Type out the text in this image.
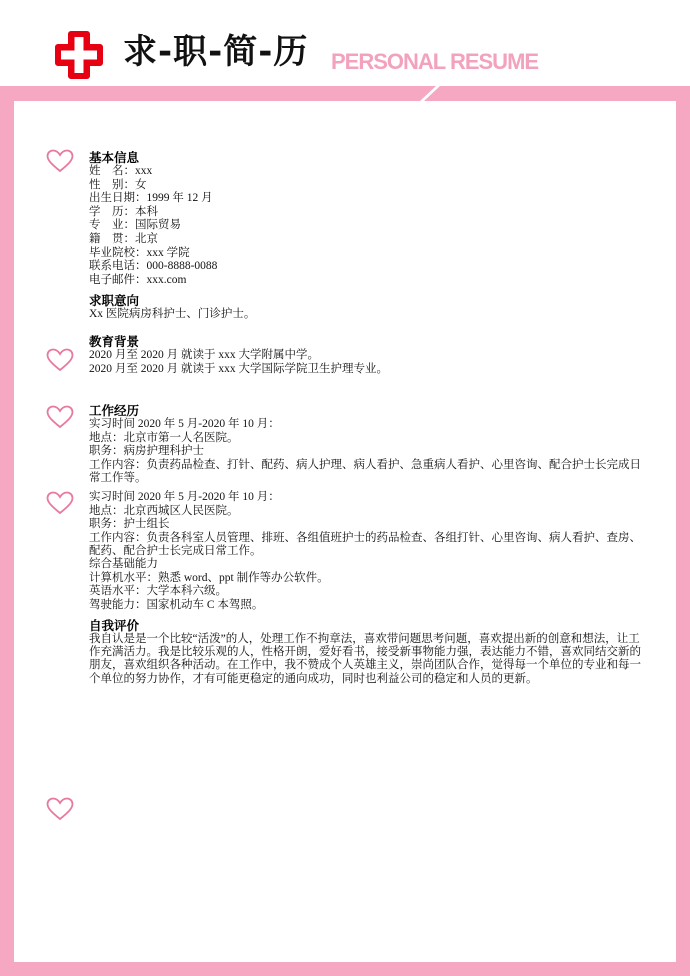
求-职-简-历 PERSONAL RESUME
基本信息
姓    名：xxx
性    别：女
出生日期：1999 年 12 月
学    历：本科
专    业：国际贸易
籍    贯：北京
毕业院校：xxx 学院
联系电话：000-8888-0088
电子邮件：xxx.com
求职意向
Xx 医院病房科护士、门诊护士。
教育背景
2020 月至 2020 月 就读于 xxx 大学附属中学。
2020 月至 2020 月 就读于 xxx 大学国际学院卫生护理专业。
工作经历
实习时间 2020 年 5 月-2020 年 10 月：
地点：北京市第一人名医院。
职务：病房护理科护士
工作内容：负责药品检查、打针、配药、病人护理、病人看护、急重病人看护、心里咨询、配合护士长完成日常工作等。
实习时间 2020 年 5 月-2020 年 10 月：
地点：北京西城区人民医院。
职务：护士组长
工作内容：负责各科室人员管理、排班、各组值班护士的药品检查、各组打针、心里咨询、病人看护、查房、配药、配合护士长完成日常工作。
综合基础能力
计算机水平：熟悉 word、ppt 制作等办公软件。
英语水平：大学本科六级。
驾驶能力：国家机动车 C 本驾照。
自我评价
我自认是是一个比较“活泼”的人，处理工作不拘章法，喜欢带问题思考问题，喜欢提出新的创意和想法，让工作充满活力。我是比较乐观的人，性格开朗，爱好看书，接受新事物能力强，表达能力不错，喜欢同结交新的朋友，喜欢组织各种活动。在工作中，我不赞成个人英雄主义，崇尚团队合作，觉得每一个单位的专业和每一个单位的努力协作，才有可能更稳定的通向成功，同时也利益公司的稳定和人员的更新。
